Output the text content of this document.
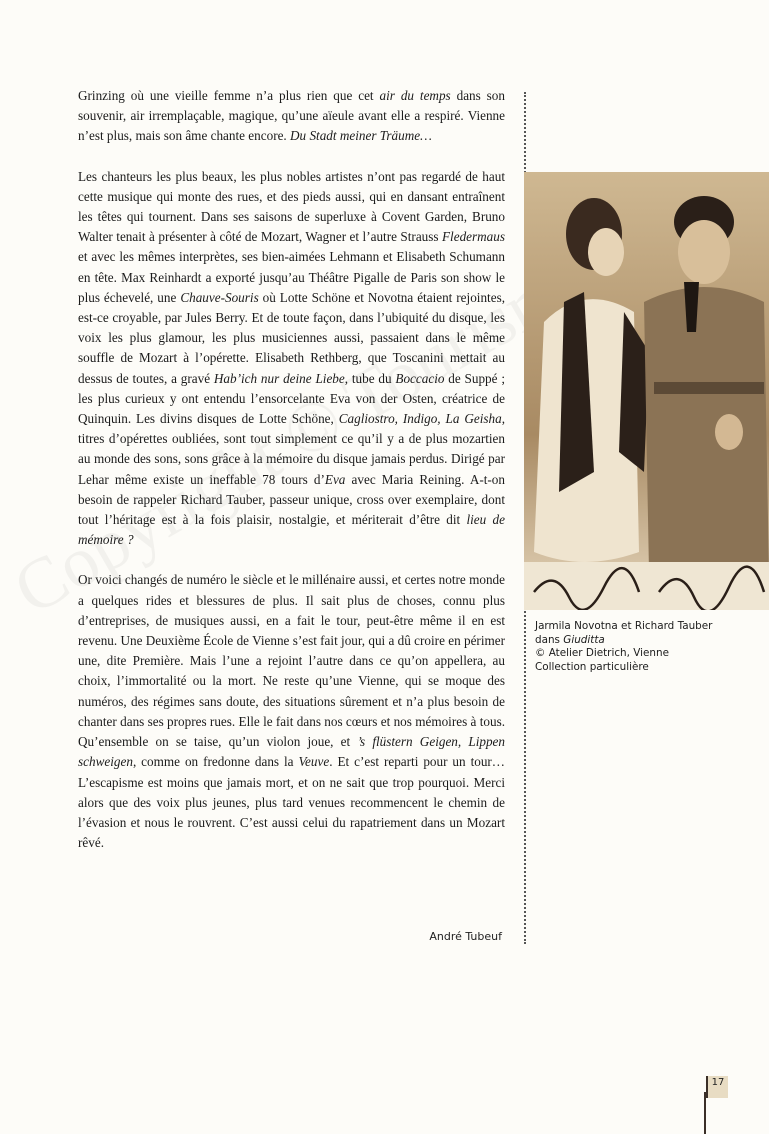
Grinzing où une vieille femme n’a plus rien que cet air du temps dans son souvenir, air irremplaçable, magique, qu’une aïeule avant elle a respiré. Vienne n’est plus, mais son âme chante encore. Du Stadt meiner Träume…

Les chanteurs les plus beaux, les plus nobles artistes n’ont pas regardé de haut cette musique qui monte des rues, et des pieds aussi, qui en dansant entraînent les têtes qui tournent. Dans ses saisons de superluxe à Covent Garden, Bruno Walter tenait à présenter à côté de Mozart, Wagner et l’autre Strauss Fledermaus et avec les mêmes interprètes, ses bien-aimées Lehmann et Elisabeth Schumann en tête. Max Reinhardt a exporté jusqu’au Théâtre Pigalle de Paris son show le plus échevelé, une Chauve-Souris où Lotte Schöne et Novotna étaient rejointes, est-ce croyable, par Jules Berry. Et de toute façon, dans l’ubiquité du disque, les voix les plus glamour, les plus musiciennes aussi, passaient dans le même souffle de Mozart à l’opérette. Elisabeth Rethberg, que Toscanini mettait au dessus de toutes, a gravé Hab’ich nur deine Liebe, tube du Boccacio de Suppé ; les plus curieux y ont entendu l’ensorcelante Eva von der Osten, créatrice de Quinquin. Les divins disques de Lotte Schöne, Cagliostro, Indigo, La Geisha, titres d’opérettes oubliées, sont tout simplement ce qu’il y a de plus mozartien au monde des sons, sons grâce à la mémoire du disque jamais perdus. Dirigé par Lehar même existe un ineffable 78 tours d’Eva avec Maria Reining. A-t-on besoin de rappeler Richard Tauber, passeur unique, cross over exemplaire, dont tout l’héritage est à la fois plaisir, nostalgie, et mériterait d’être dit lieu de mémoire ?

Or voici changés de numéro le siècle et le millénaire aussi, et certes notre monde a quelques rides et blessures de plus. Il sait plus de choses, connu plus d’entreprises, de musiques aussi, en a fait le tour, peut-être même il en est revenu. Une Deuxième École de Vienne s’est fait jour, qui a dû croire en périmer une, dite Première. Mais l’une a rejoint l’autre dans ce qu’on appellera, au choix, l’immortalité ou la mort. Ne reste qu’une Vienne, qui se moque des numéros, des régimes sans doute, des situations sûrement et n’a plus besoin de chanter dans ses propres rues. Elle le fait dans nos cœurs et nos mémoires à tous. Qu’ensemble on se taise, qu’un violon joue, et ’s flüstern Geigen, Lippen schweigen, comme on fredonne dans la Veuve. Et c’est reparti pour un tour… L’escapisme est moins que jamais mort, et on ne sait que trop pourquoi. Merci alors que des voix plus jeunes, plus tard venues recommencent le chemin de l’évasion et nous le rouvrent. C’est aussi celui du rapatriement dans un Mozart rêvé.

André Tubeuf
Jarmila Novotna et Richard Tauber
dans Giuditta
© Atelier Dietrich, Vienne
Collection particulière
17
